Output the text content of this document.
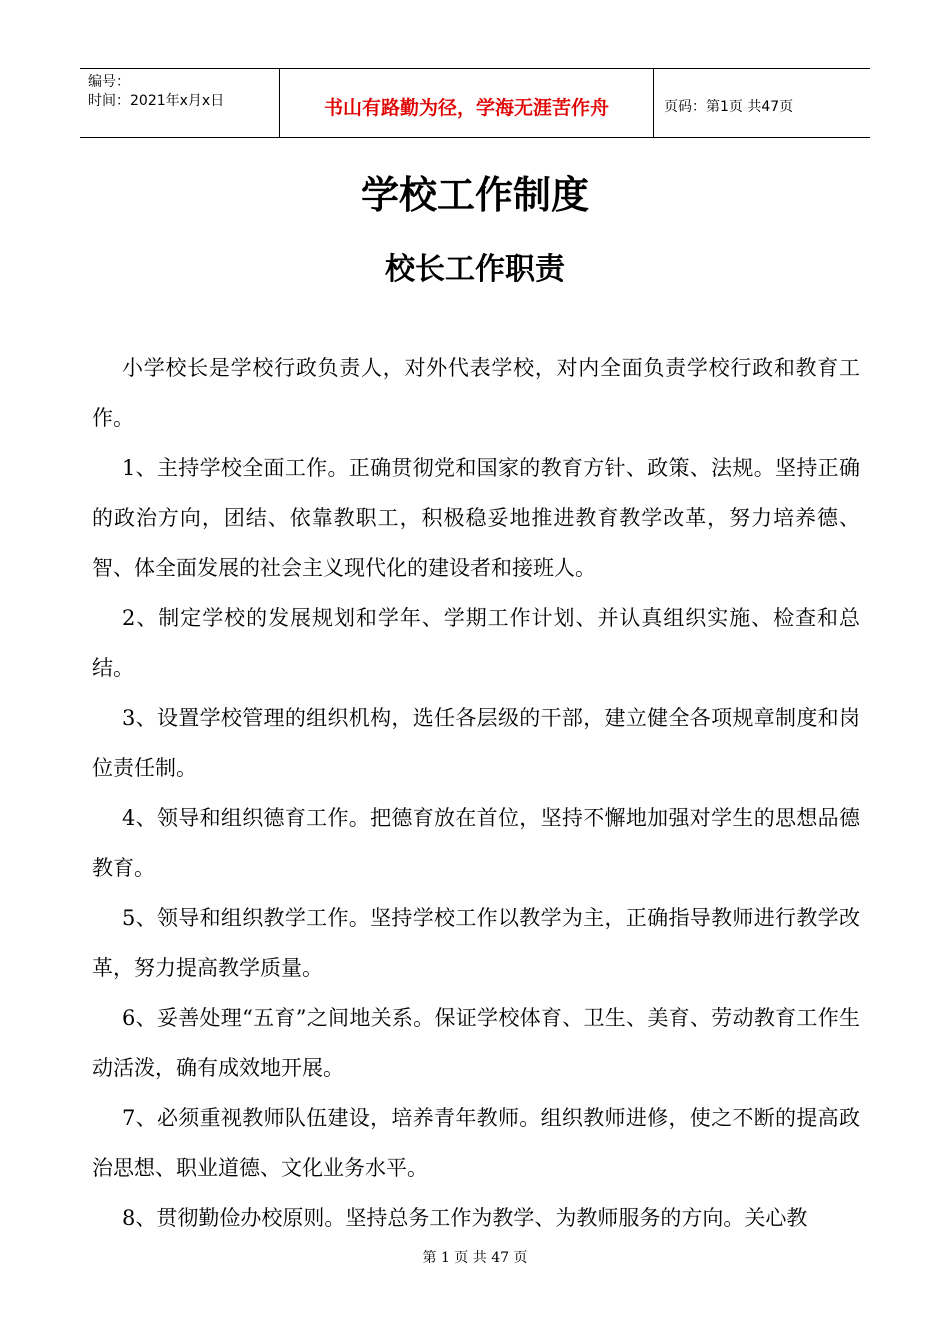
编号：
时间：2021年x月x日	书山有路勤为径，学海无涯苦作舟	页码：第1页 共47页
学校工作制度
校长工作职责

小学校长是学校行政负责人，对外代表学校，对内全面负责学校行政和教育工作。

1、主持学校全面工作。正确贯彻党和国家的教育方针、政策、法规。坚持正确的政治方向，团结、依靠教职工，积极稳妥地推进教育教学改革，努力培养德、智、体全面发展的社会主义现代化的建设者和接班人。

2、制定学校的发展规划和学年、学期工作计划、并认真组织实施、检查和总结。

3、设置学校管理的组织机构，选任各层级的干部，建立健全各项规章制度和岗位责任制。

4、领导和组织德育工作。把德育放在首位，坚持不懈地加强对学生的思想品德教育。

5、领导和组织教学工作。坚持学校工作以教学为主，正确指导教师进行教学改革，努力提高教学质量。

6、妥善处理“五育”之间地关系。保证学校体育、卫生、美育、劳动教育工作生动活泼，确有成效地开展。

7、必须重视教师队伍建设，培养青年教师。组织教师进修，使之不断的提高政治思想、职业道德、文化业务水平。

8、贯彻勤俭办校原则。坚持总务工作为教学、为教师服务的方向。关心教

第 1 页 共 47 页
